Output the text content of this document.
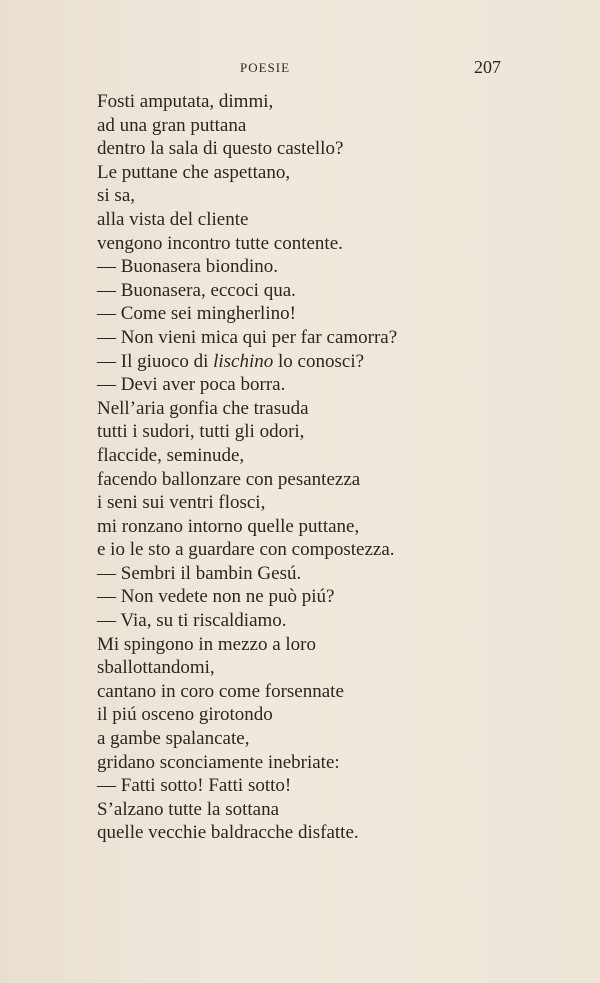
POESIE	207
Fosti amputata, dimmi,
ad una gran puttana
dentro la sala di questo castello?
Le puttane che aspettano,
si sa,
alla vista del cliente
vengono incontro tutte contente.
— Buonasera biondino.
— Buonasera, eccoci qua.
— Come sei mingherlino!
— Non vieni mica qui per far camorra?
— Il giuoco di lischino lo conosci?
— Devi aver poca borra.
Nell’aria gonfia che trasuda
tutti i sudori, tutti gli odori,
flaccide, seminude,
facendo ballonzare con pesantezza
i seni sui ventri flosci,
mi ronzano intorno quelle puttane,
e io le sto a guardare con compostezza.
— Sembri il bambin Gesú.
— Non vedete non ne può piú?
— Via, su ti riscaldiamo.
Mi spingono in mezzo a loro
sballottandomi,
cantano in coro come forsennate
il piú osceno girotondo
a gambe spalancate,
gridano sconciamente inebriate:
— Fatti sotto! Fatti sotto!
S’alzano tutte la sottana
quelle vecchie baldracche disfatte.
